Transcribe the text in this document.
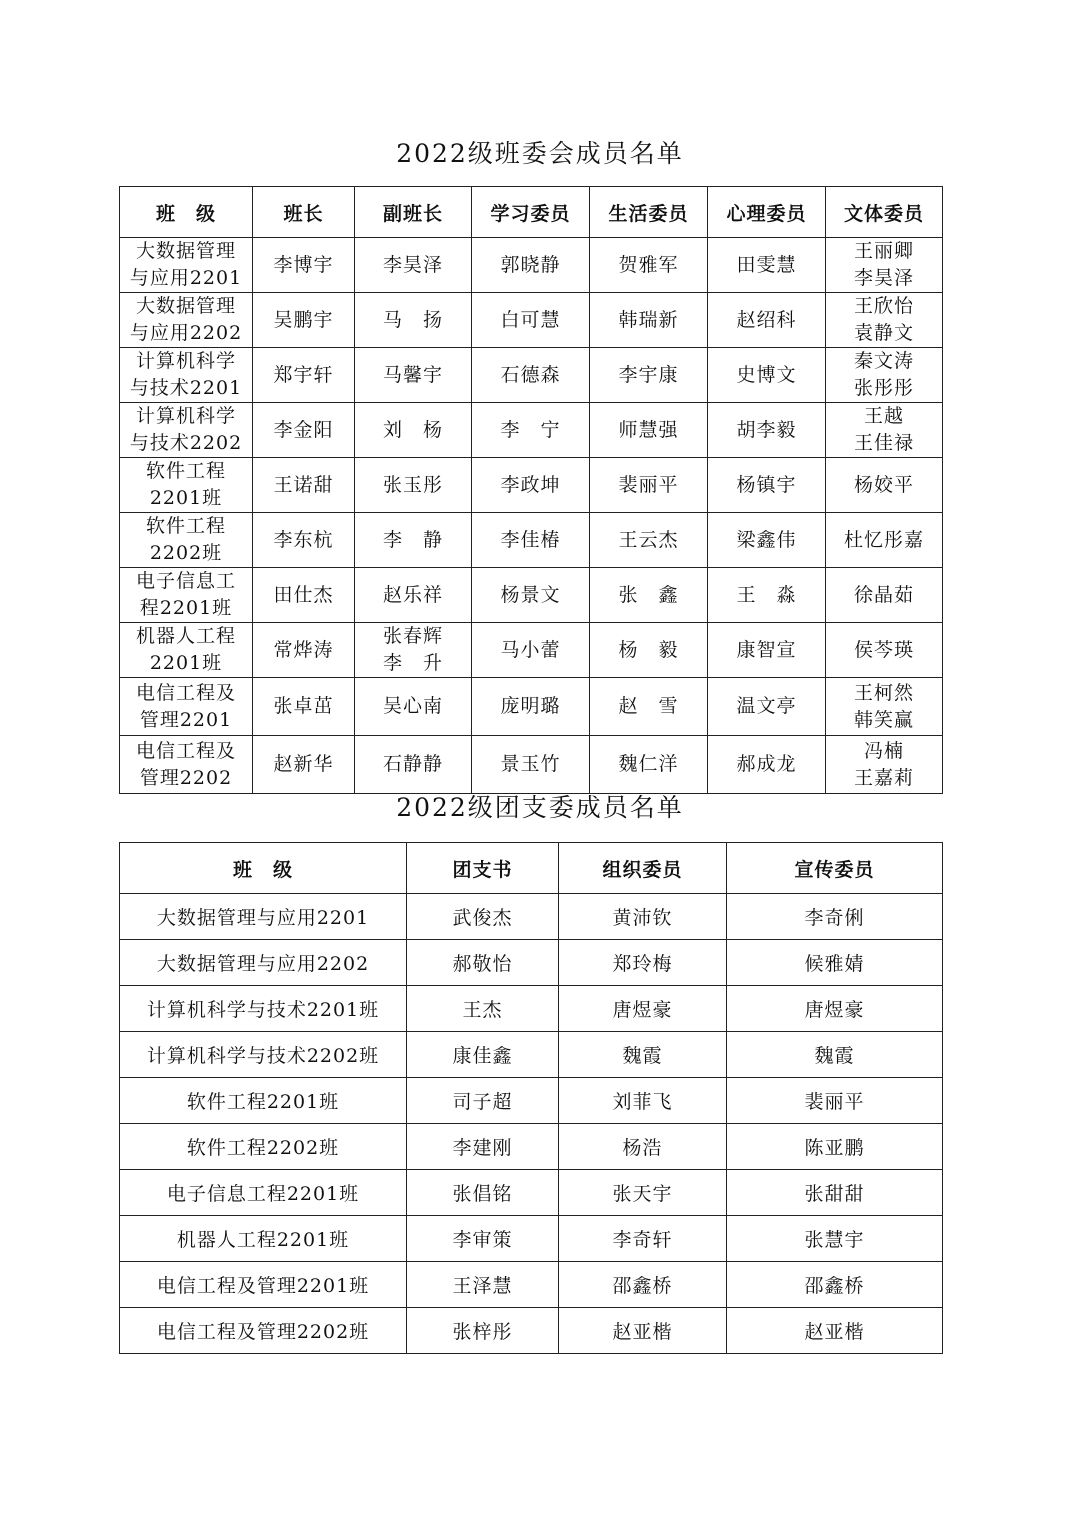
2022级班委会成员名单
班　级	班长	副班长	学习委员	生活委员	心理委员	文体委员

大数据管理
与应用2201	李博宇	李昊泽	郭晓静	贺雅军	田雯慧	王丽卿
李昊泽

大数据管理
与应用2202	吴鹏宇	马　扬	白可慧	韩瑞新	赵绍科	王欣怡
袁静文

计算机科学
与技术2201	郑宇轩	马馨宇	石德森	李宇康	史博文	秦文涛
张彤彤

计算机科学
与技术2202	李金阳	刘　杨	李　宁	师慧强	胡李毅	王越
王佳禄

软件工程
2201班	王诺甜	张玉彤	李政坤	裴丽平	杨镇宇	杨姣平

软件工程
2202班	李东杭	李　静	李佳椿	王云杰	梁鑫伟	杜忆彤嘉

电子信息工
程2201班	田仕杰	赵乐祥	杨景文	张　鑫	王　淼	徐晶茹

机器人工程
2201班	常烨涛	张春辉
李　升	马小蕾	杨　毅	康智宣	侯芩瑛

电信工程及
管理2201	张卓茁	吴心南	庞明璐	赵　雪	温文亭	王柯然
韩笑赢

电信工程及
管理2202	赵新华	石静静	景玉竹	魏仁洋	郝成龙	冯楠
王嘉莉
2022级团支委成员名单
班　级	团支书	组织委员	宣传委员
大数据管理与应用2201	武俊杰	黄沛钦	李奇俐
大数据管理与应用2202	郝敬怡	郑玲梅	候雅婧
计算机科学与技术2201班	王杰	唐煜豪	唐煜豪
计算机科学与技术2202班	康佳鑫	魏霞	魏霞
软件工程2201班	司子超	刘菲飞	裴丽平
软件工程2202班	李建刚	杨浩	陈亚鹏
电子信息工程2201班	张倡铭	张天宇	张甜甜
机器人工程2201班	李审策	李奇轩	张慧宇
电信工程及管理2201班	王泽慧	邵鑫桥	邵鑫桥
电信工程及管理2202班	张梓彤	赵亚楷	赵亚楷
